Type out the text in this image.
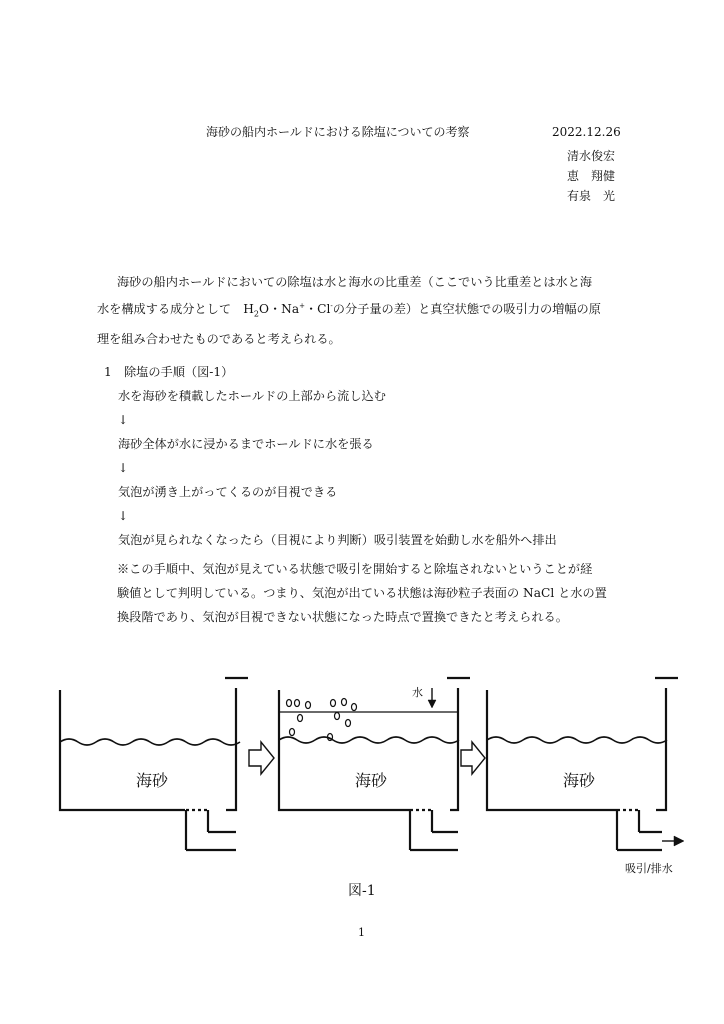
海砂の船内ホールドにおける除塩についての考察	2022.12.26
清水俊宏
恵　翔健
有泉　光
海砂の船内ホールドにおいての除塩は水と海水の比重差（ここでいう比重差とは水と海
水を構成する成分として　$H_2O$・Na+・Cl-の分子量の差）と真空状態での吸引力の増幅の原
理を組み合わせたものであると考えられる。
1　除塩の手順（図-1）
水を海砂を積載したホールドの上部から流し込む
↓
海砂全体が水に浸かるまでホールドに水を張る
↓
気泡が湧き上がってくるのが目視できる
↓
気泡が見られなくなったら（目視により判断）吸引装置を始動し水を船外へ排出
※この手順中、気泡が見えている状態で吸引を開始すると除塩されないということが経
験値として判明している。つまり、気泡が出ている状態は海砂粒子表面の NaCl と水の置
換段階であり、気泡が目視できない状態になった時点で置換できたと考えられる。
海砂	海砂	海砂
水
吸引/排水
図-1
1
